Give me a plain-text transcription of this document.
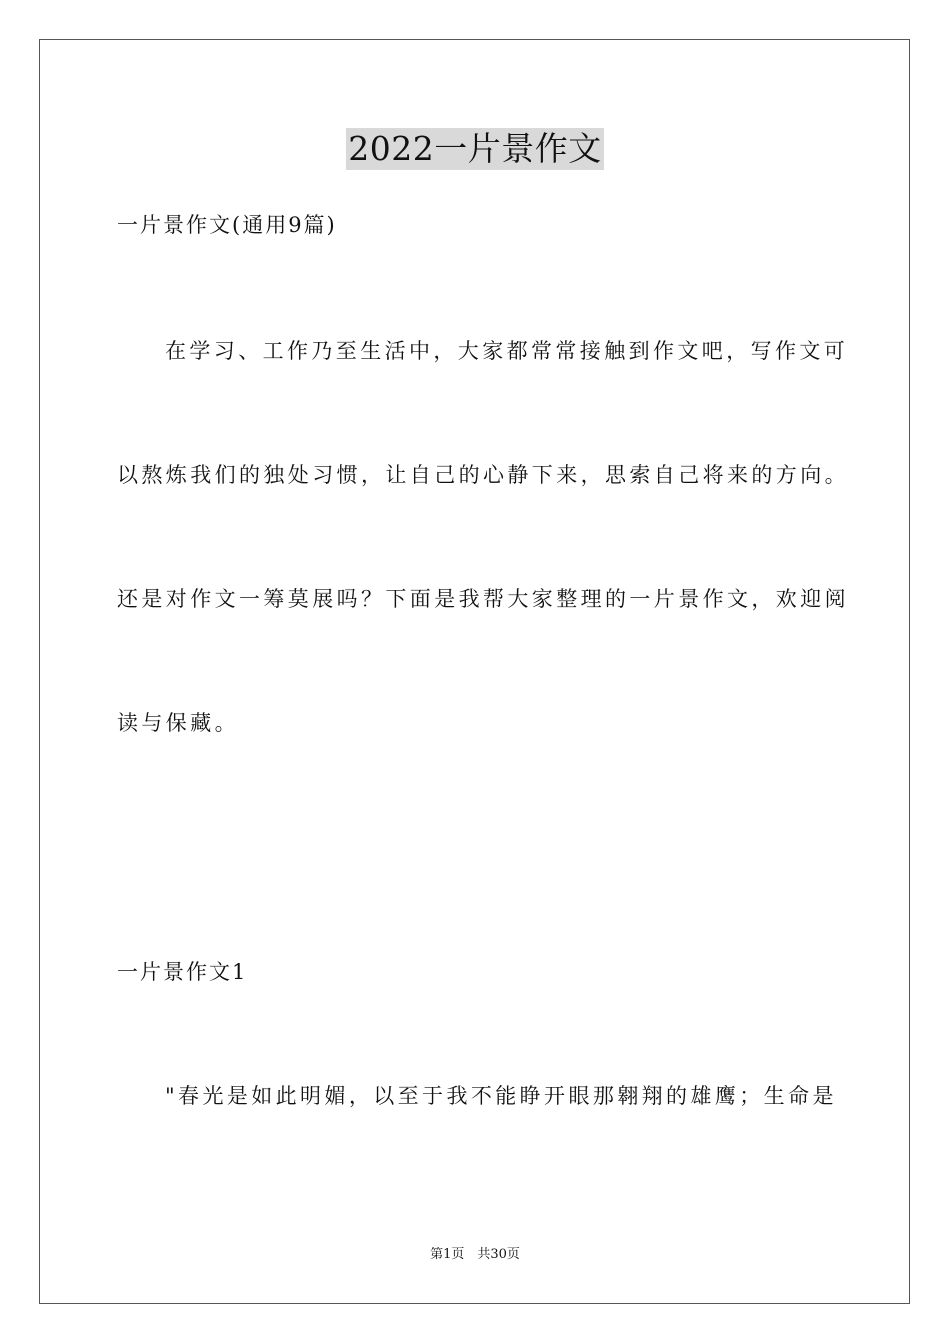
2022一片景作文
一片景作文(通用9篇)
在学习、工作乃至生活中，大家都常常接触到作文吧，写作文可
以熬炼我们的独处习惯，让自己的心静下来，思索自己将来的方向。
还是对作文一筹莫展吗？下面是我帮大家整理的一片景作文，欢迎阅
读与保藏。
一片景作文1
"春光是如此明媚，以至于我不能睁开眼那翱翔的雄鹰；生命是
第1页　共30页
